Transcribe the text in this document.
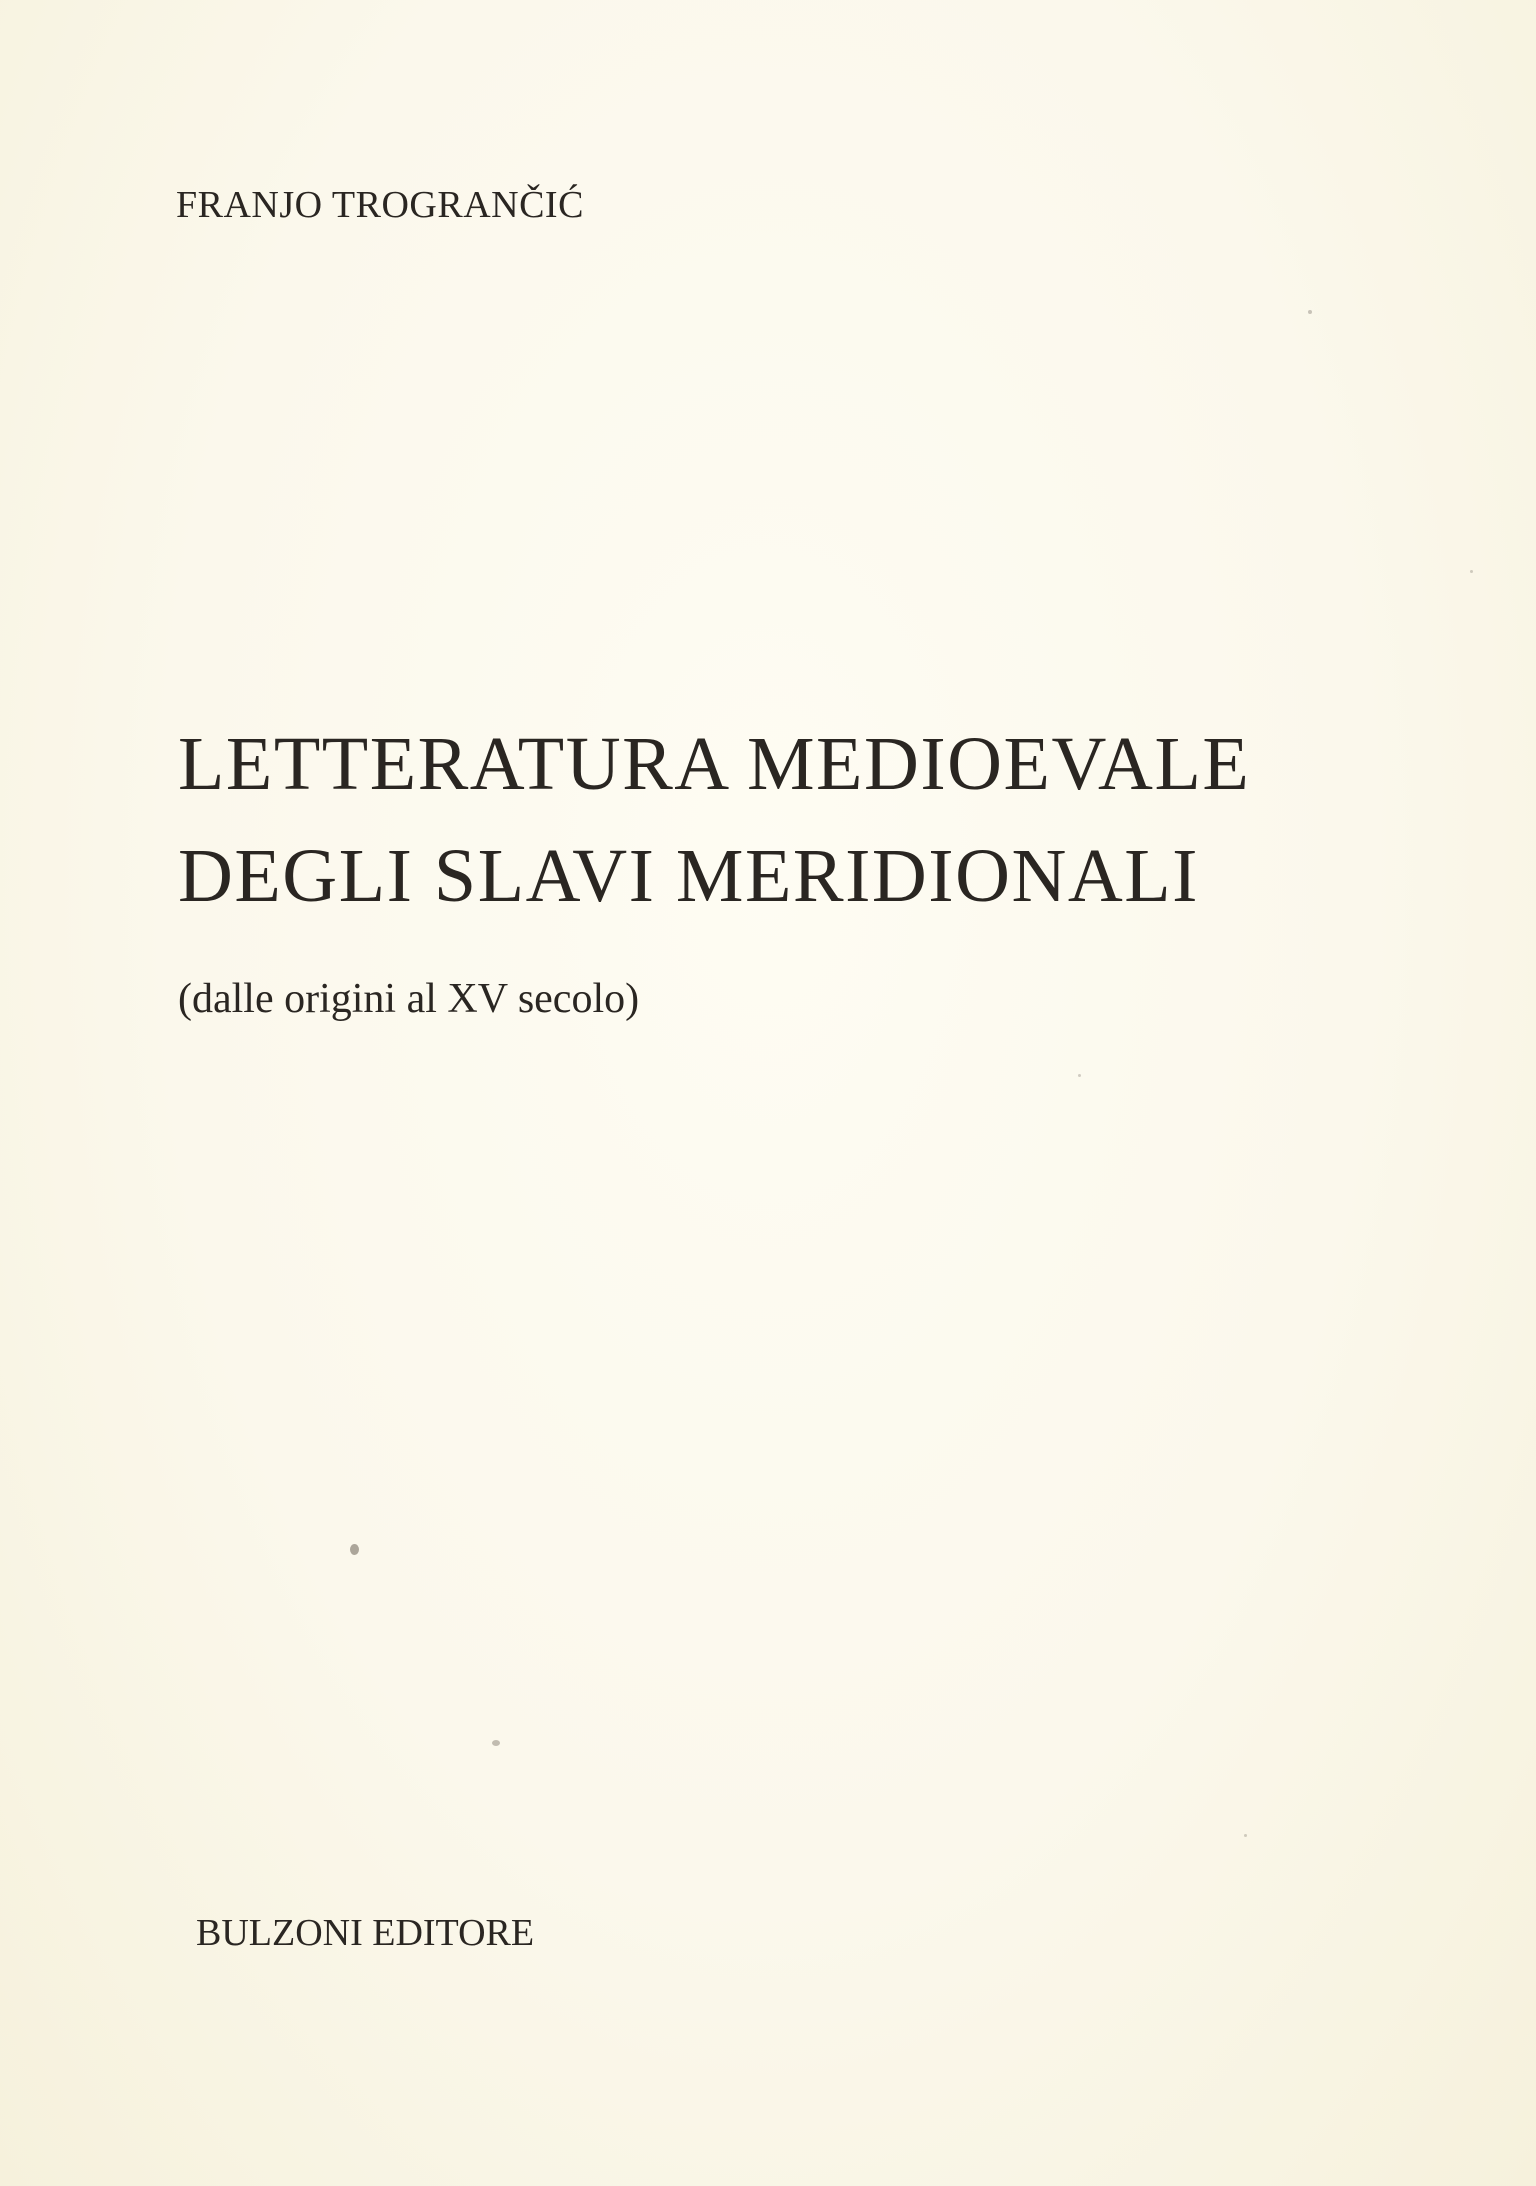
FRANJO TROGRANČIĆ
LETTERATURA MEDIOEVALE
DEGLI SLAVI MERIDIONALI
(dalle origini al XV secolo)
BULZONI EDITORE
